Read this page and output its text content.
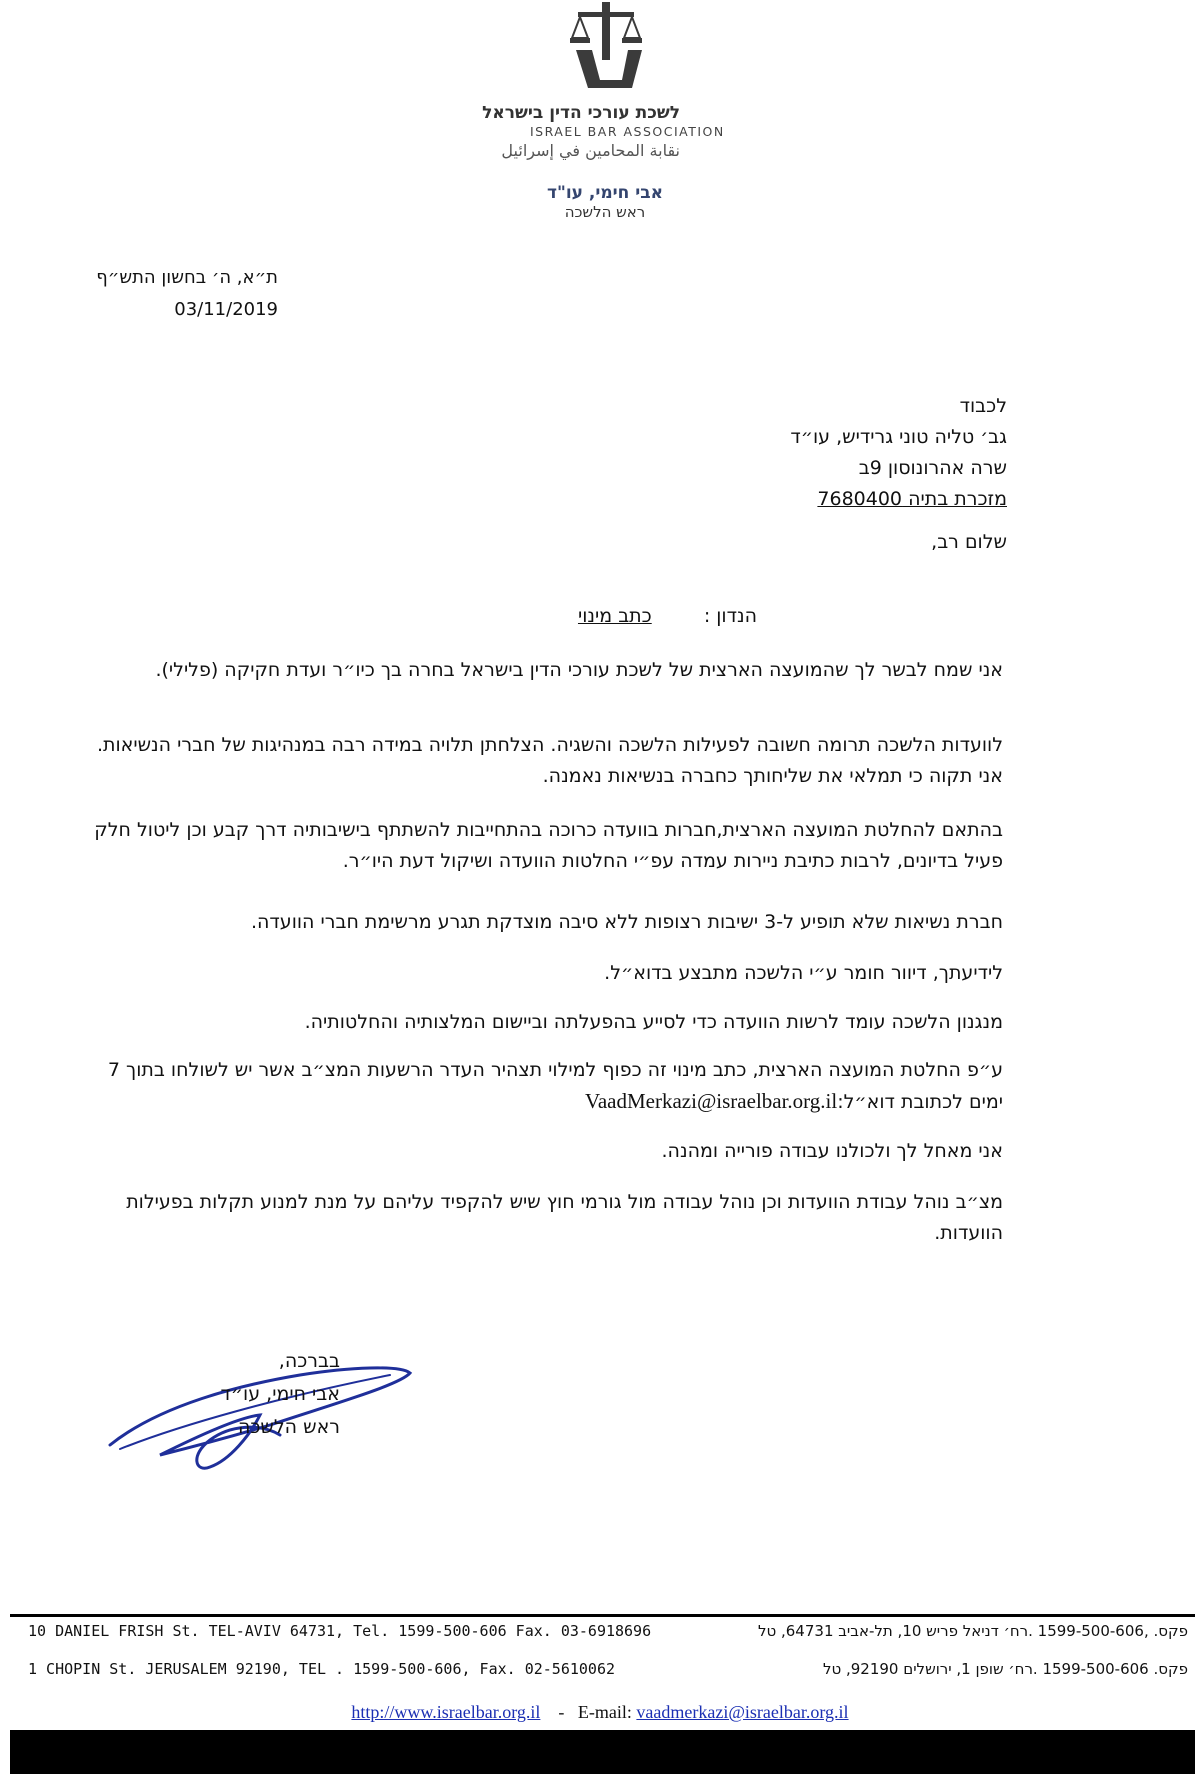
לשכת עורכי הדין בישראל
ISRAEL BAR ASSOCIATION
نقابة المحامين في إسرائيل
אבי חימי, עו"ד
ראש הלשכה
ת״א, ה׳ בחשון התש״ף
03/11/2019
לכבוד
גב׳ טליה טוני גרידיש, עו״ד
שרה אהרונוסון 9ב
מזכרת בתיה 7680400
שלום רב,
הנדון :  כתב מינוי
אני שמח לבשר לך שהמועצה הארצית של לשכת עורכי הדין בישראל בחרה בך כיו״ר ועדת חקיקה (פלילי).
לוועדות הלשכה תרומה חשובה לפעילות הלשכה והשגיה. הצלחתן תלויה במידה רבה במנהיגות של חברי הנשיאות. אני תקוה כי תמלאי את שליחותך כחברה בנשיאות נאמנה.
בהתאם להחלטת המועצה הארצית,חברות בוועדה כרוכה בהתחייבות להשתתף בישיבותיה דרך קבע וכן ליטול חלק פעיל בדיונים, לרבות כתיבת ניירות עמדה עפ״י החלטות הוועדה ושיקול דעת היו״ר.
חברת נשיאות שלא תופיע ל-3 ישיבות רצופות ללא סיבה מוצדקת תגרע מרשימת חברי הוועדה.
לידיעתך, דיוור חומר ע״י הלשכה מתבצע בדוא״ל.
מנגנון הלשכה עומד לרשות הוועדה כדי לסייע בהפעלתה וביישום המלצותיה והחלטותיה.
ע״פ החלטת המועצה הארצית, כתב מינוי זה כפוף למילוי תצהיר העדר הרשעות המצ״ב אשר יש לשולחו בתוך 7 ימים לכתובת דוא״ל:VaadMerkazi@israelbar.org.il
אני מאחל לך ולכולנו עבודה פורייה ומהנה.
מצ״ב נוהל עבודת הוועדות וכן נוהל עבודה מול גורמי חוץ שיש להקפיד עליהם על מנת למנוע תקלות בפעילות הוועדות.
בברכה,
אבי חימי, עו״ד
ראש הלשכה
10 DANIEL FRISH St. TEL-AVIV 64731, Tel. 1599-500-606 Fax. 03-6918696	פקס. ,1599-500-606 .רח׳ דניאל פריש 10, תל-אביב 64731, טל
1 CHOPIN St. JERUSALEM 92190, TEL . 1599-500-606, Fax. 02-5610062	פקס. 1599-500-606 .רח׳ שופן 1, ירושלים 92190, טל
http://www.israelbar.org.il - E-mail: vaadmerkazi@israelbar.org.il
